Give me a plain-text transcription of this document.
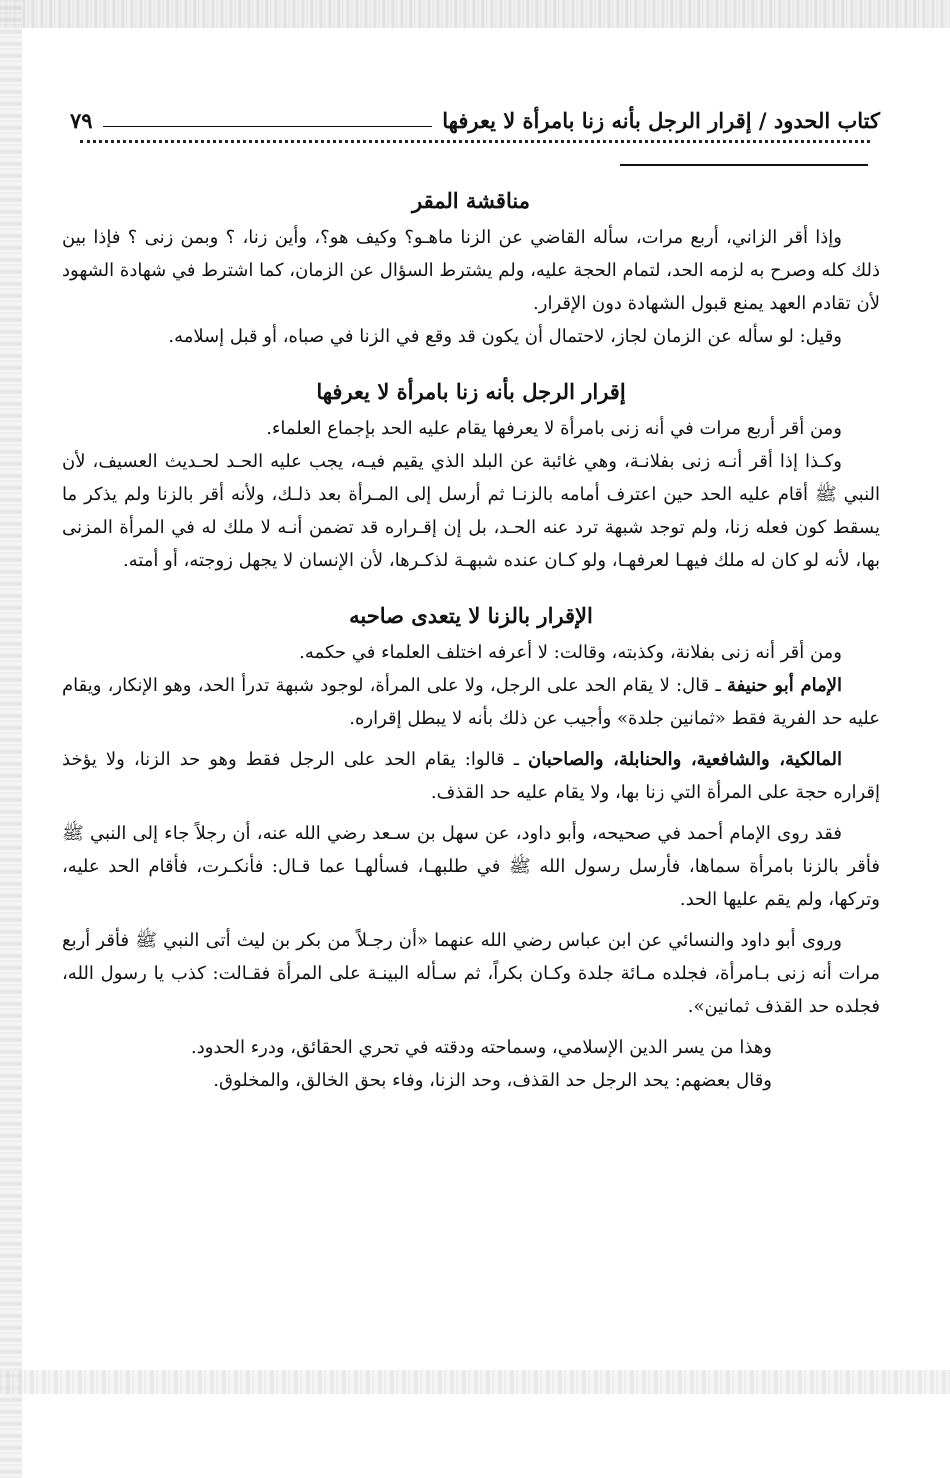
كتاب الحدود / إقرار الرجل بأنه زنا بامرأة لا يعرفها
٧٩
مناقشة المقر

وإذا أقر الزاني، أربع مرات، سأله القاضي عن الزنا ماهـو؟ وكيف هو؟، وأين زنا، ؟ وبمن زنى ؟ فإذا بين ذلك كله وصرح به لزمه الحد، لتمام الحجة عليه، ولم يشترط السؤال عن الزمان، كما اشترط في شهادة الشهود لأن تقادم العهد يمنع قبول الشهادة دون الإقرار.

وقيل: لو سأله عن الزمان لجاز، لاحتمال أن يكون قد وقع في الزنا في صباه، أو قبل إسلامه.

إقرار الرجل بأنه زنا بامرأة لا يعرفها

ومن أقر أربع مرات في أنه زنى بامرأة لا يعرفها يقام عليه الحد بإجماع العلماء.

وكـذا إذا أقر أنـه زنى بفلانـة، وهي غائبة عن البلد الذي يقيم فيـه، يجب عليه الحـد لحـديث العسيف، لأن النبي ﷺ أقام عليه الحد حين اعترف أمامه بالزنـا ثم أرسل إلى المـرأة بعد ذلـك، ولأنه أقر بالزنا ولم يذكر ما يسقط كون فعله زنا، ولم توجد شبهة ترد عنه الحـد، بل إن إقـراره قد تضمن أنـه لا ملك له في المرأة المزنى بها، لأنه لو كان له ملك فيهـا لعرفهـا، ولو كـان عنده شبهـة لذكـرها، لأن الإنسان لا يجهل زوجته، أو أمته.

الإقرار بالزنا لا يتعدى صاحبه

ومن أقر أنه زنى بفلانة، وكذبته، وقالت: لا أعرفه اختلف العلماء في حكمه.

الإمام أبو حنيفة ـ قال: لا يقام الحد على الرجل، ولا على المرأة، لوجود شبهة تدرأ الحد، وهو الإنكار، ويقام عليه حد الفرية فقط «ثمانين جلدة» وأجيب عن ذلك بأنه لا يبطل إقراره.

المالكية، والشافعية، والحنابلة، والصاحبان ـ قالوا: يقام الحد على الرجل فقط وهو حد الزنا، ولا يؤخذ إقراره حجة على المرأة التي زنا بها، ولا يقام عليه حد القذف.

فقد روى الإمام أحمد في صحيحه، وأبو داود، عن سهل بن سـعد رضي الله عنه، أن رجلاً جاء إلى النبي ﷺ فأقر بالزنا بامرأة سماها، فأرسل رسول الله ﷺ في طلبهـا، فسألهـا عما قـال: فأنكـرت، فأقام الحد عليه، وتركها، ولم يقم عليها الحد.

وروى أبو داود والنسائي عن ابن عباس رضي الله عنهما «أن رجـلاً من بكر بن ليث أتى النبي ﷺ فأقر أربع مرات أنه زنى بـامرأة، فجلده مـائة جلدة وكـان بكراً، ثم سـأله البينـة على المرأة فقـالت: كذب يا رسول الله، فجلده حد القذف ثمانين».

وهذا من يسر الدين الإسلامي، وسماحته ودقته في تحري الحقائق، ودرء الحدود.

وقال بعضهم: يحد الرجل حد القذف، وحد الزنا، وفاء بحق الخالق، والمخلوق.
